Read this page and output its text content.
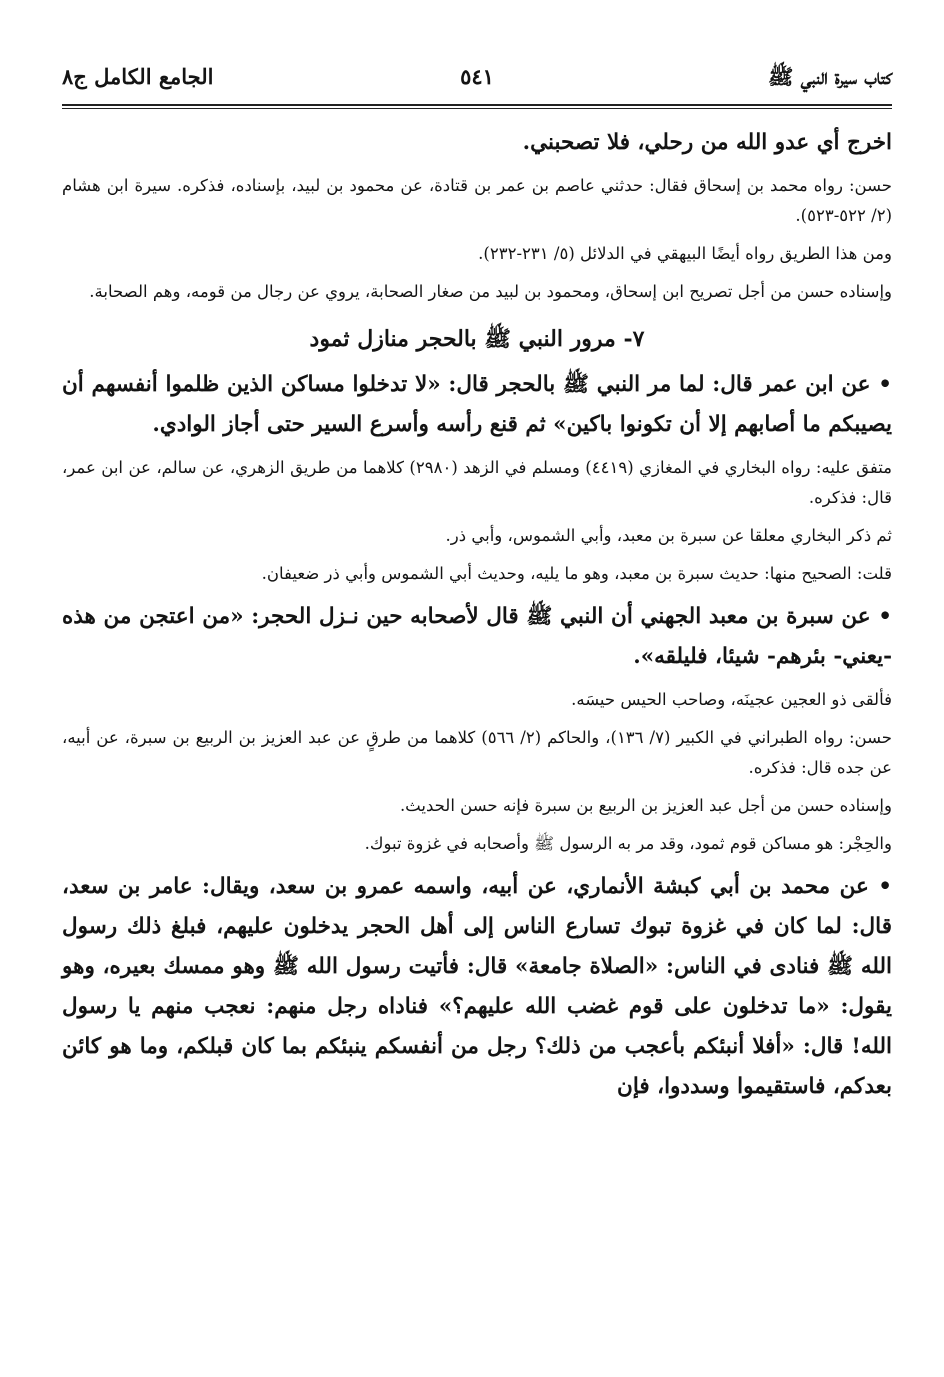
كتاب سيرة النبي ﷺ
٥٤١
الجامع الكامل ج٨

اخرج أي عدو الله من رحلي، فلا تصحبني.

حسن: رواه محمد بن إسحاق فقال: حدثني عاصم بن عمر بن قتادة، عن محمود بن لبيد، بإسناده، فذكره. سيرة ابن هشام (٢/ ٥٢٢-٥٢٣).

ومن هذا الطريق رواه أيضًا البيهقي في الدلائل (٥/ ٢٣١-٢٣٢).

وإسناده حسن من أجل تصريح ابن إسحاق، ومحمود بن لبيد من صغار الصحابة، يروي عن رجال من قومه، وهم الصحابة.

٧- مرور النبي ﷺ بالحجر منازل ثمود

• عن ابن عمر قال: لما مر النبي ﷺ بالحجر قال: «لا تدخلوا مساكن الذين ظلموا أنفسهم أن يصيبكم ما أصابهم إلا أن تكونوا باكين» ثم قنع رأسه وأسرع السير حتى أجاز الوادي.

متفق عليه: رواه البخاري في المغازي (٤٤١٩) ومسلم في الزهد (٢٩٨٠) كلاهما من طريق الزهري، عن سالم، عن ابن عمر، قال: فذكره.

ثم ذكر البخاري معلقا عن سبرة بن معبد، وأبي الشموس، وأبي ذر.

قلت: الصحيح منها: حديث سبرة بن معبد، وهو ما يليه، وحديث أبي الشموس وأبي ذر ضعيفان.

• عن سبرة بن معبد الجهني أن النبي ﷺ قال لأصحابه حين نـزل الحجر: «من اعتجن من هذه -يعني- بئرهم- شيئا، فليلقه».

فألقى ذو العجين عجينَه، وصاحب الحيس حيسَه.

حسن: رواه الطبراني في الكبير (٧/ ١٣٦)، والحاكم (٢/ ٥٦٦) كلاهما من طرقٍ عن عبد العزيز بن الربيع بن سبرة، عن أبيه، عن جده قال: فذكره.

وإسناده حسن من أجل عبد العزيز بن الربيع بن سبرة فإنه حسن الحديث.

والحِجْر: هو مساكن قوم ثمود، وقد مر به الرسول ﷺ وأصحابه في غزوة تبوك.

• عن محمد بن أبي كبشة الأنماري، عن أبيه، واسمه عمرو بن سعد، ويقال: عامر بن سعد، قال: لما كان في غزوة تبوك تسارع الناس إلى أهل الحجر يدخلون عليهم، فبلغ ذلك رسول الله ﷺ فنادى في الناس: «الصلاة جامعة» قال: فأتيت رسول الله ﷺ وهو ممسك بعيره، وهو يقول: «ما تدخلون على قوم غضب الله عليهم؟» فناداه رجل منهم: نعجب منهم يا رسول الله! قال: «أفلا أنبئكم بأعجب من ذلك؟ رجل من أنفسكم ينبئكم بما كان قبلكم، وما هو كائن بعدكم، فاستقيموا وسددوا، فإن
